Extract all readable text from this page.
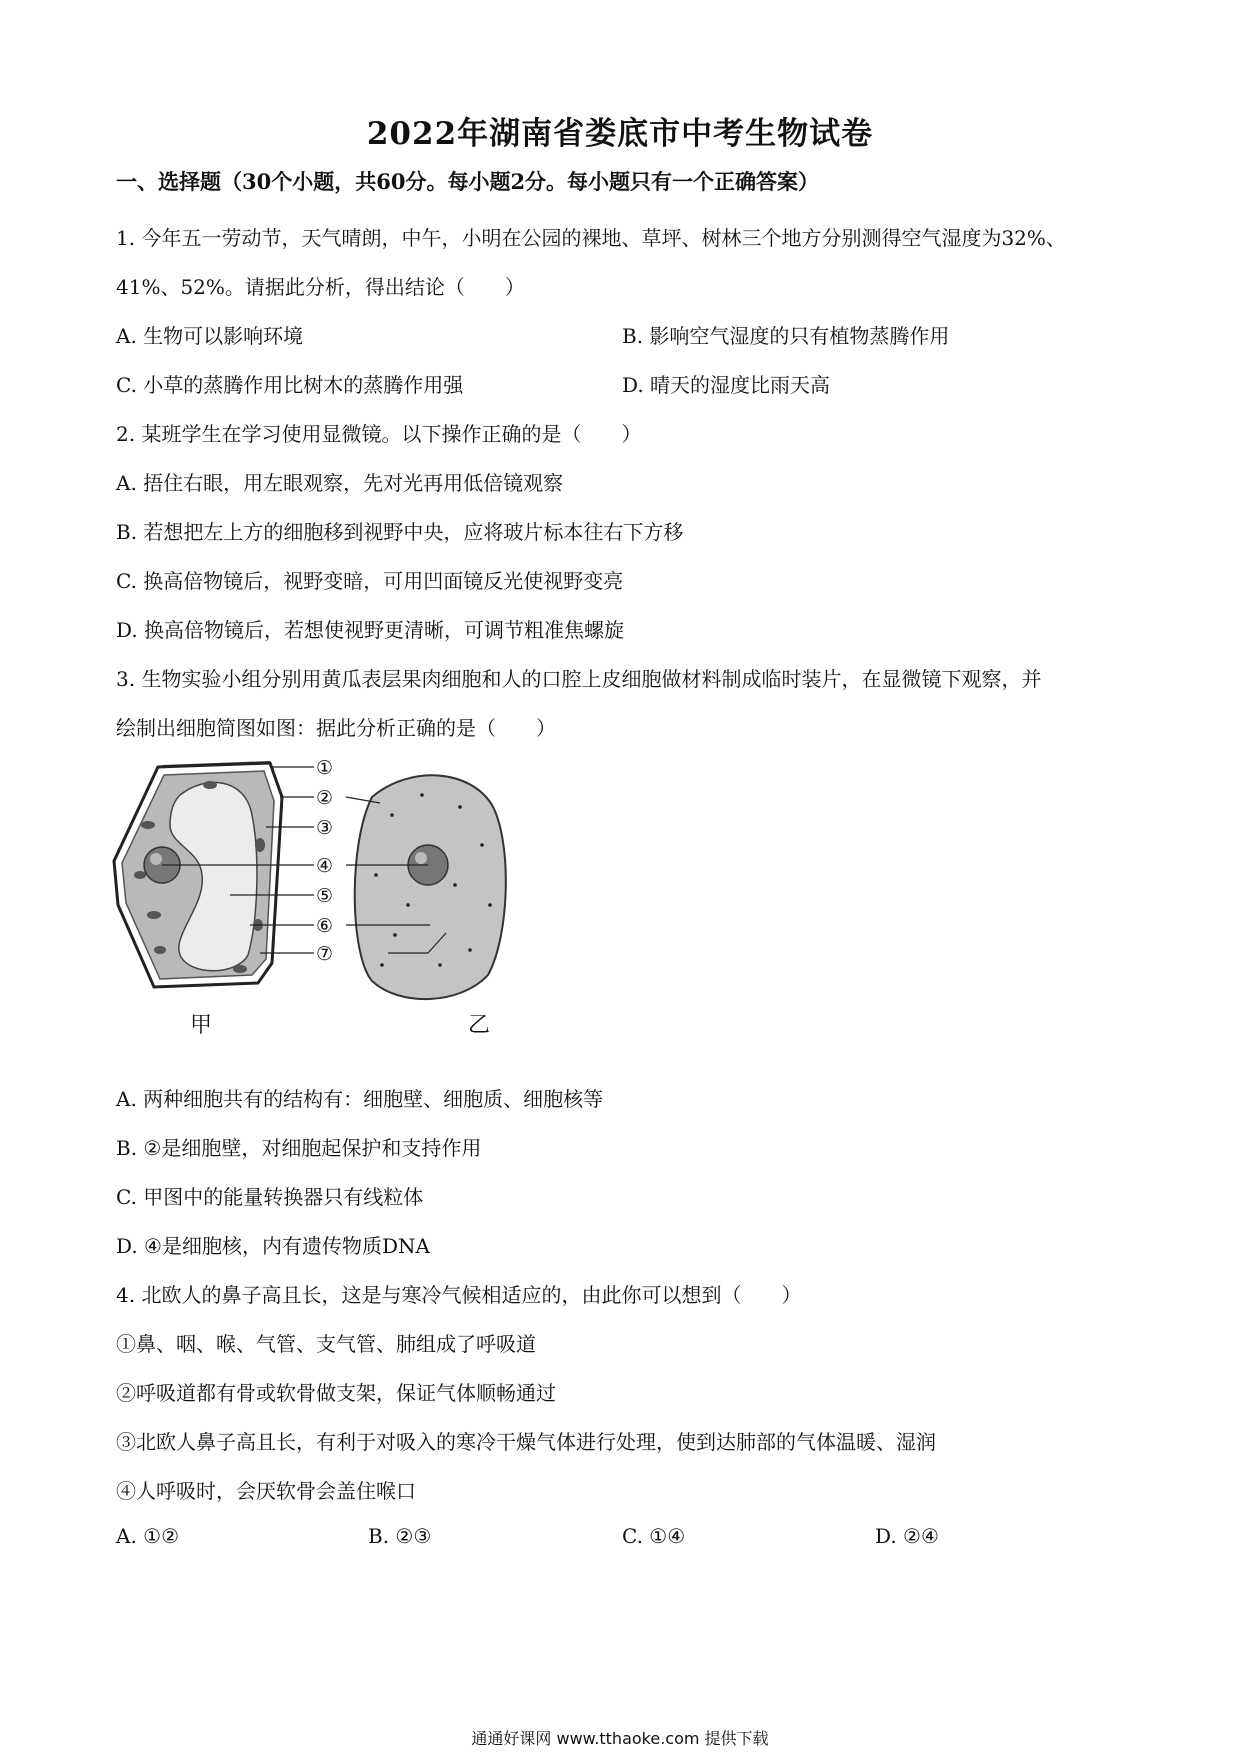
2022年湖南省娄底市中考生物试卷
一、选择题（30个小题，共60分。每小题2分。每小题只有一个正确答案）
1. 今年五一劳动节，天气晴朗，中午，小明在公园的裸地、草坪、树林三个地方分别测得空气湿度为32%、
41%、52%。请据此分析，得出结论（　　）
A. 生物可以影响环境	B. 影响空气湿度的只有植物蒸腾作用
C. 小草的蒸腾作用比树木的蒸腾作用强	D. 晴天的湿度比雨天高
2. 某班学生在学习使用显微镜。以下操作正确的是（　　）
A. 捂住右眼，用左眼观察，先对光再用低倍镜观察
B. 若想把左上方的细胞移到视野中央，应将玻片标本往右下方移
C. 换高倍物镜后，视野变暗，可用凹面镜反光使视野变亮
D. 换高倍物镜后，若想使视野更清晰，可调节粗准焦螺旋
3. 生物实验小组分别用黄瓜表层果肉细胞和人的口腔上皮细胞做材料制成临时装片，在显微镜下观察，并
绘制出细胞简图如图：据此分析正确的是（　　）
①
②
③
④
⑤
⑥
⑦
甲	乙
A. 两种细胞共有的结构有：细胞壁、细胞质、细胞核等
B. ②是细胞壁，对细胞起保护和支持作用
C. 甲图中的能量转换器只有线粒体
D. ④是细胞核，内有遗传物质DNA
4. 北欧人的鼻子高且长，这是与寒冷气候相适应的，由此你可以想到（　　）
①鼻、咽、喉、气管、支气管、肺组成了呼吸道
②呼吸道都有骨或软骨做支架，保证气体顺畅通过
③北欧人鼻子高且长，有利于对吸入的寒冷干燥气体进行处理，使到达肺部的气体温暖、湿润
④人呼吸时，会厌软骨会盖住喉口
A. ①②	B. ②③	C. ①④	D. ②④
通通好课网 www.tthaoke.com 提供下载
